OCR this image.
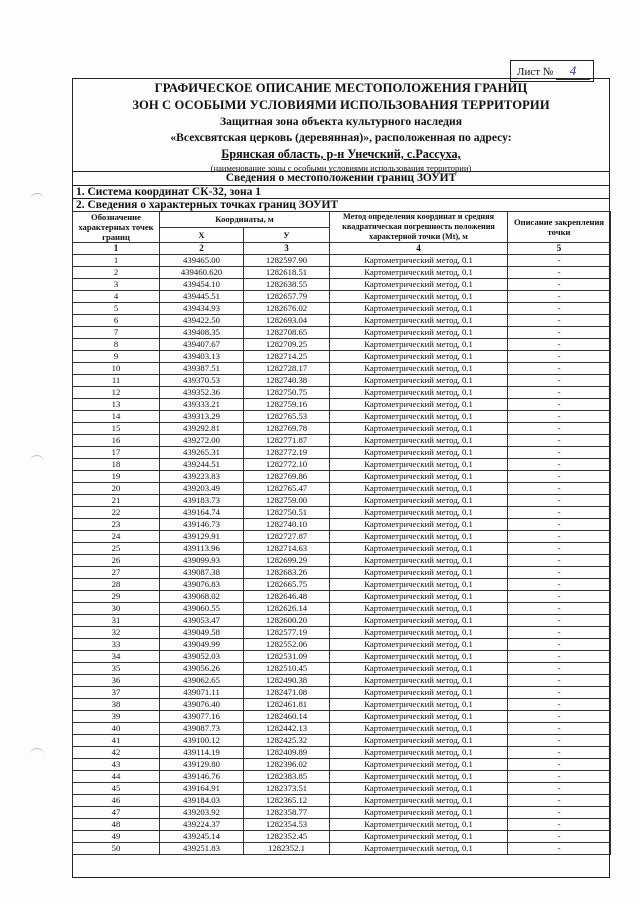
Лист № 4
ГРАФИЧЕСКОЕ ОПИСАНИЕ МЕСТОПОЛОЖЕНИЯ ГРАНИЦ
ЗОН С ОСОБЫМИ УСЛОВИЯМИ ИСПОЛЬЗОВАНИЯ ТЕРРИТОРИИ
Защитная зона объекта культурного наследия
«Всехсвятская церковь (деревянная)», расположенная по адресу:
Брянская область, р-н Унечский, с.Рассуха,
(наименование зоны с особыми условиями использования территории)
Сведения о местоположении границ ЗОУИТ
1. Система координат СК-32, зона 1
2. Сведения о характерных точках границ ЗОУИТ
Обозначение характерных точек границ	Координаты, м		Метод определения координат и средняя квадратическая погрешность положения характерной точки (Mt), м	Описание закрепления точки
	X	У		
1	2	3	4	5
1	439465.00	1282597.90	Картометрический метод, 0.1	-
2	439460.620	1282618.51	Картометрический метод, 0.1	-
3	439454.10	1282638.55	Картометрический метод, 0.1	-
4	439445.51	1282657.79	Картометрический метод, 0.1	-
5	439434.93	1282676.02	Картометрический метод, 0.1	-
6	439422.50	1282693.04	Картометрический метод, 0.1	-
7	439408.35	1282708.65	Картометрический метод, 0.1	-
8	439407.67	1282709.25	Картометрический метод, 0.1	-
9	439403.13	1282714.25	Картометрический метод, 0.1	-
10	439387.51	1282728.17	Картометрический метод, 0.1	-
11	439370.53	1282740.38	Картометрический метод, 0.1	-
12	439352.36	1282750.75	Картометрический метод, 0.1	-
13	439333.21	1282759.16	Картометрический метод, 0.1	-
14	439313.29	1282765.53	Картометрический метод, 0.1	-
15	439292.81	1282769.78	Картометрический метод, 0.1	-
16	439272.00	1282771.87	Картометрический метод, 0.1	-
17	439265.31	1282772.19	Картометрический метод, 0.1	-
18	439244.51	1282772.10	Картометрический метод, 0.1	-
19	439223.83	1282769.86	Картометрический метод, 0.1	-
20	439203.49	1282765.47	Картометрический метод, 0.1	-
21	439183.73	1282759.00	Картометрический метод, 0.1	-
22	439164.74	1282750.51	Картометрический метод, 0.1	-
23	439146.73	1282740.10	Картометрический метод, 0.1	-
24	439129.91	1282727.87	Картометрический метод, 0.1	-
25	439113.96	1282714.63	Картометрический метод, 0.1	-
26	439099.93	1282699.29	Картометрический метод, 0.1	-
27	439087.38	1282683.26	Картометрический метод, 0.1	-
28	439076.83	1282665.75	Картометрический метод, 0.1	-
29	439068.02	1282646.48	Картометрический метод, 0.1	-
30	439060.55	1282626.14	Картометрический метод, 0.1	-
31	439053.47	1282600.20	Картометрический метод, 0.1	-
32	439049.58	1282577.19	Картометрический метод, 0.1	-
33	439049.99	1282552.06	Картометрический метод, 0.1	-
34	439052.03	1282531.09	Картометрический метод, 0.1	-
35	439056.26	1282510.45	Картометрический метод, 0.1	-
36	439062.65	1282490.38	Картометрический метод, 0.1	-
37	439071.11	1282471.08	Картометрический метод, 0.1	-
38	439076.40	1282461.81	Картометрический метод, 0.1	-
39	439077.16	1282460.14	Картометрический метод, 0.1	-
40	439087.73	1282442.13	Картометрический метод, 0.1	-
41	439100.12	1282425.32	Картометрический метод, 0.1	-
42	439114.19	1282409.89	Картометрический метод, 0.1	-
43	439129.80	1282396.02	Картометрический метод, 0.1	-
44	439146.76	1282383.85	Картометрический метод, 0.1	-
45	439164.91	1282373.51	Картометрический метод, 0.1	-
46	439184.03	1282365.12	Картометрический метод, 0.1	-
47	439203.92	1282358.77	Картометрический метод, 0.1	-
48	439224.37	1282354.53	Картометрический метод, 0.1	-
49	439245.14	1282352.45	Картометрический метод, 0.1	-
50	439251.83	1282352.1	Картометрический метод, 0.1	-
